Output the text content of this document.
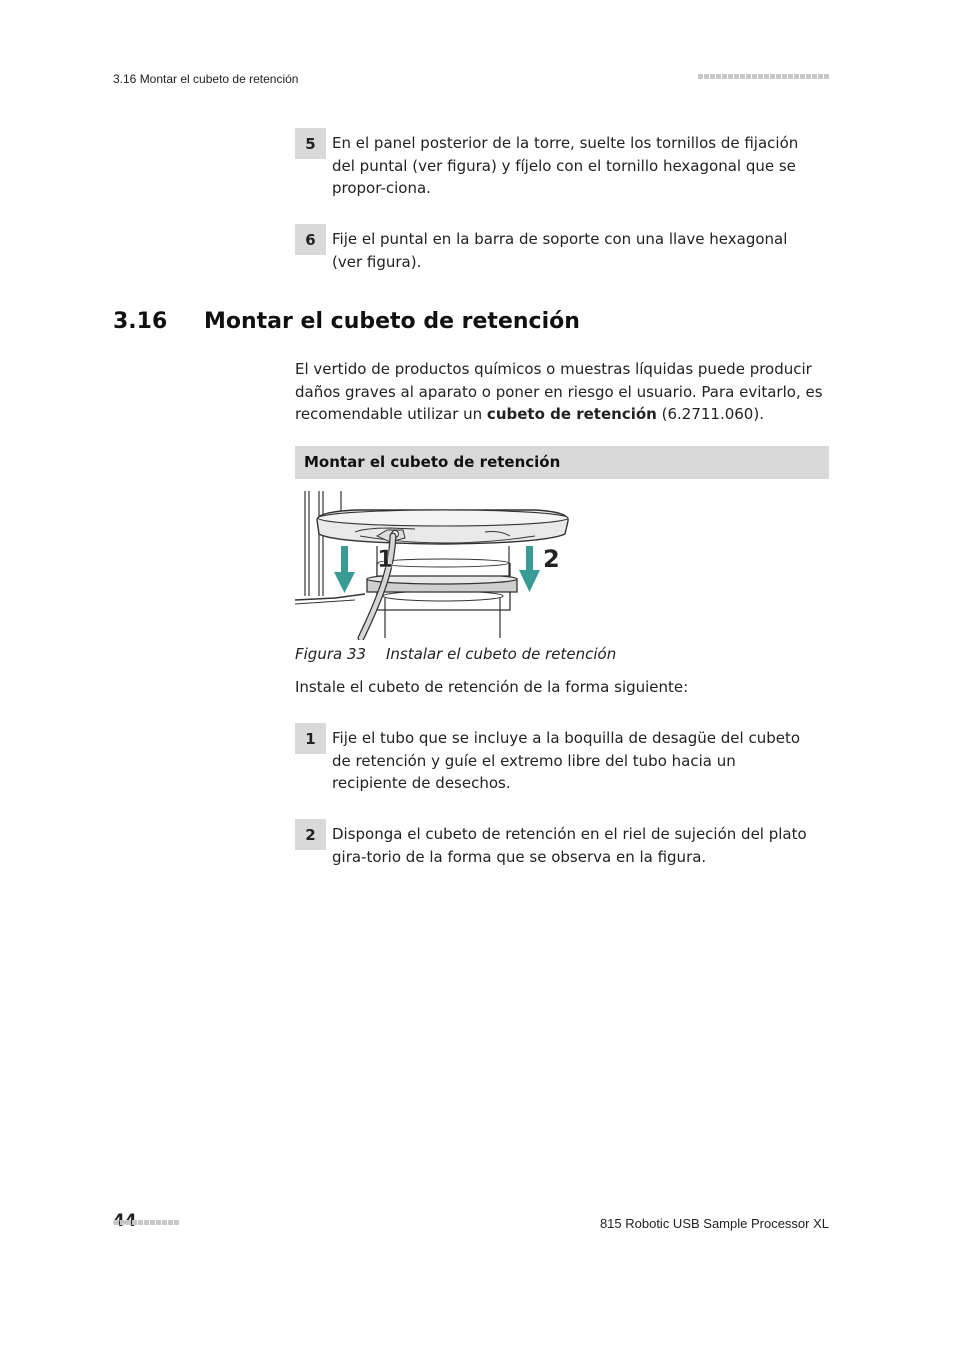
3.16 Montar el cubeto de retención
5	En el panel posterior de la torre, suelte los tornillos de fijación del puntal (ver figura) y fíjelo con el tornillo hexagonal que se propor-ciona.
6	Fije el puntal en la barra de soporte con una llave hexagonal (ver figura).
3.16 Montar el cubeto de retención
El vertido de productos químicos o muestras líquidas puede producir daños graves al aparato o poner en riesgo el usuario. Para evitarlo, es recomendable utilizar un cubeto de retención (6.2711.060).
Montar el cubeto de retención
1	2
Figura 33 Instalar el cubeto de retención
Instale el cubeto de retención de la forma siguiente:
1	Fije el tubo que se incluye a la boquilla de desagüe del cubeto de retención y guíe el extremo libre del tubo hacia un recipiente de desechos.
2	Disponga el cubeto de retención en el riel de sujeción del plato gira-torio de la forma que se observa en la figura.
815 Robotic USB Sample Processor XL
